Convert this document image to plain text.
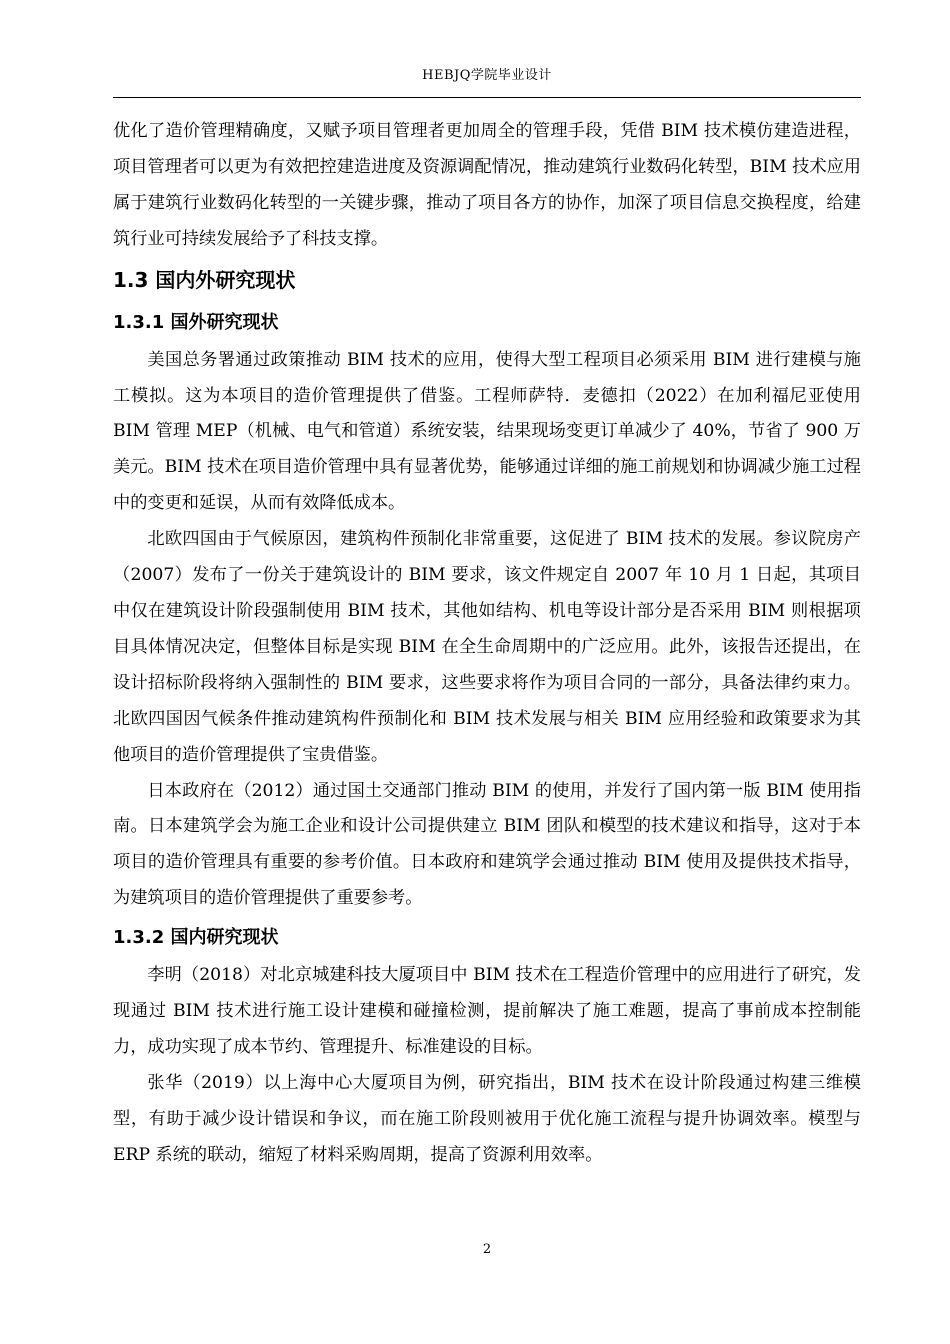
HEBJQ学院毕业设计

优化了造价管理精确度，又赋予项目管理者更加周全的管理手段，凭借 BIM 技术模仿建造进程，项目管理者可以更为有效把控建造进度及资源调配情况，推动建筑行业数码化转型，BIM 技术应用属于建筑行业数码化转型的一关键步骤，推动了项目各方的协作，加深了项目信息交换程度，给建筑行业可持续发展给予了科技支撑。

1.3 国内外研究现状
1.3.1 国外研究现状

美国总务署通过政策推动 BIM 技术的应用，使得大型工程项目必须采用 BIM 进行建模与施工模拟。这为本项目的造价管理提供了借鉴。工程师萨特．麦德扣（2022）在加利福尼亚使用 BIM 管理 MEP（机械、电气和管道）系统安装，结果现场变更订单减少了 40%，节省了 900 万美元。BIM 技术在项目造价管理中具有显著优势，能够通过详细的施工前规划和协调减少施工过程中的变更和延误，从而有效降低成本。

北欧四国由于气候原因，建筑构件预制化非常重要，这促进了 BIM 技术的发展。参议院房产（2007）发布了一份关于建筑设计的 BIM 要求，该文件规定自 2007 年 10 月 1 日起，其项目中仅在建筑设计阶段强制使用 BIM 技术，其他如结构、机电等设计部分是否采用 BIM 则根据项目具体情况决定，但整体目标是实现 BIM 在全生命周期中的广泛应用。此外，该报告还提出，在设计招标阶段将纳入强制性的 BIM 要求，这些要求将作为项目合同的一部分，具备法律约束力。北欧四国因气候条件推动建筑构件预制化和 BIM 技术发展与相关 BIM 应用经验和政策要求为其他项目的造价管理提供了宝贵借鉴。

日本政府在（2012）通过国土交通部门推动 BIM 的使用，并发行了国内第一版 BIM 使用指南。日本建筑学会为施工企业和设计公司提供建立 BIM 团队和模型的技术建议和指导，这对于本项目的造价管理具有重要的参考价值。日本政府和建筑学会通过推动 BIM 使用及提供技术指导，为建筑项目的造价管理提供了重要参考。

1.3.2 国内研究现状

李明（2018）对北京城建科技大厦项目中 BIM 技术在工程造价管理中的应用进行了研究，发现通过 BIM 技术进行施工设计建模和碰撞检测，提前解决了施工难题，提高了事前成本控制能力，成功实现了成本节约、管理提升、标准建设的目标。

张华（2019）以上海中心大厦项目为例，研究指出，BIM 技术在设计阶段通过构建三维模型，有助于减少设计错误和争议，而在施工阶段则被用于优化施工流程与提升协调效率。模型与 ERP 系统的联动，缩短了材料采购周期，提高了资源利用效率。

2
